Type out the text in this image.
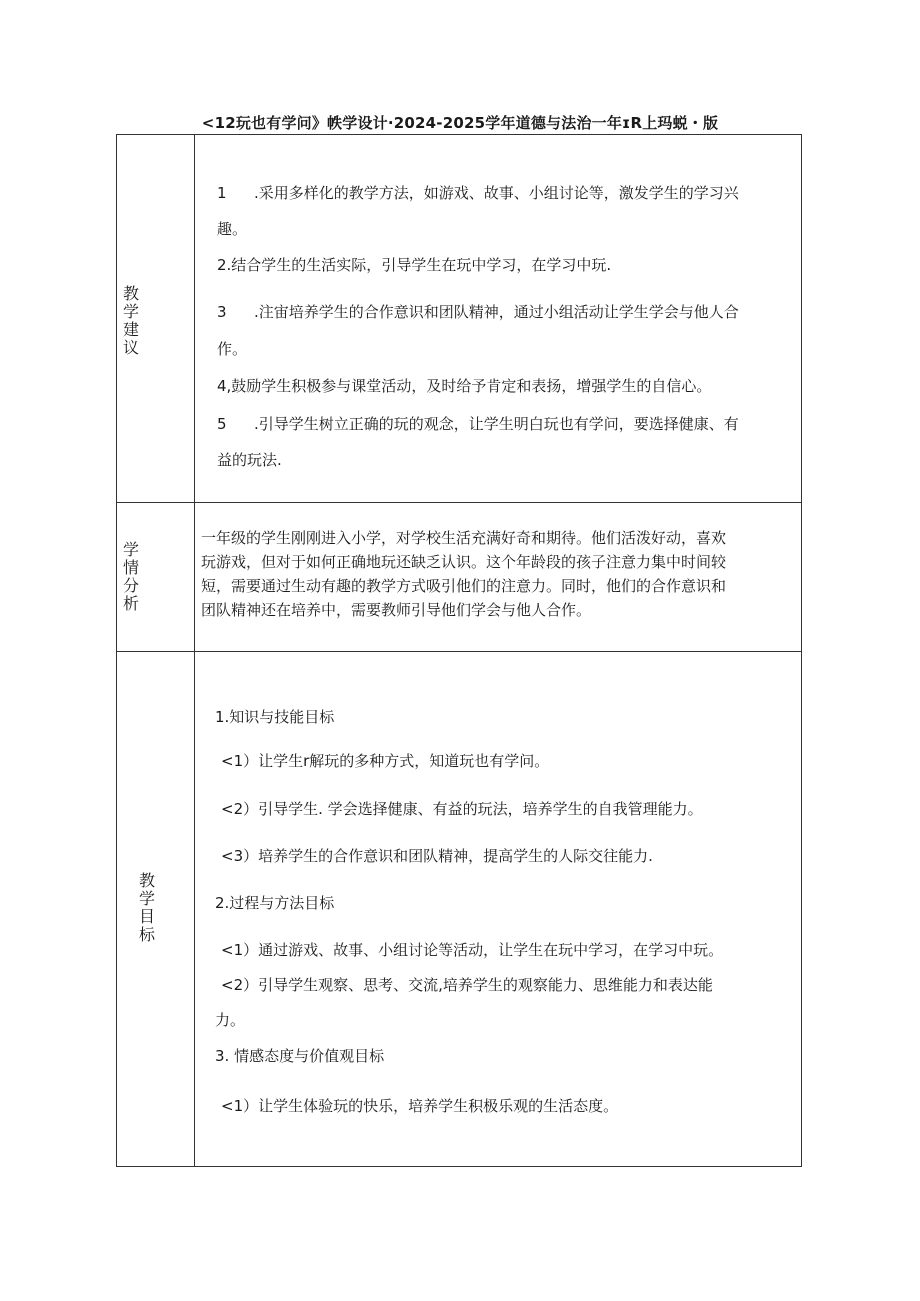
<12玩也有学问》帙学设计·2024-2025学年道德与法治一年ɪR上玛蜕・版
教
学
建
议
1 .采用多样化的教学方法，如游戏、故事、小组讨论等，激发学生的学习兴
趣。
2.结合学生的生活实际，引导学生在玩中学习，在学习中玩.
3 .注宙培养学生的合作意识和团队精神，通过小组活动让学生学会与他人合
作。
4,鼓励学生积极参与课堂活动，及时给予肯定和表扬，增强学生的自信心。
5 .引导学生树立正确的玩的观念，让学生明白玩也有学问，要选择健康、有
益的玩法.
学
情
分
析
一年级的学生刚刚进入小学，对学校生活充满好奇和期待。他们活泼好动，喜欢
玩游戏，但对于如何正确地玩还缺乏认识。这个年龄段的孩子注意力集中时间较
短，需要通过生动有趣的教学方式吸引他们的注意力。同时，他们的合作意识和
团队精神还在培养中，需要教师引导他们学会与他人合作。
教
学
目
标
1.知识与技能目标
<1）让学生r解玩的多种方式，知道玩也有学问。
<2）引导学生. 学会选择健康、有益的玩法，培养学生的自我管理能力。
<3）培养学生的合作意识和团队精神，提高学生的人际交往能力.
2.过程与方法目标
<1）通过游戏、故事、小组讨论等活动，让学生在玩中学习，在学习中玩。
<2）引导学生观察、思考、交流,培养学生的观察能力、思维能力和表达能
力。
3. 情感态度与价值观目标
<1）让学生体验玩的快乐，培养学生积极乐观的生活态度。
